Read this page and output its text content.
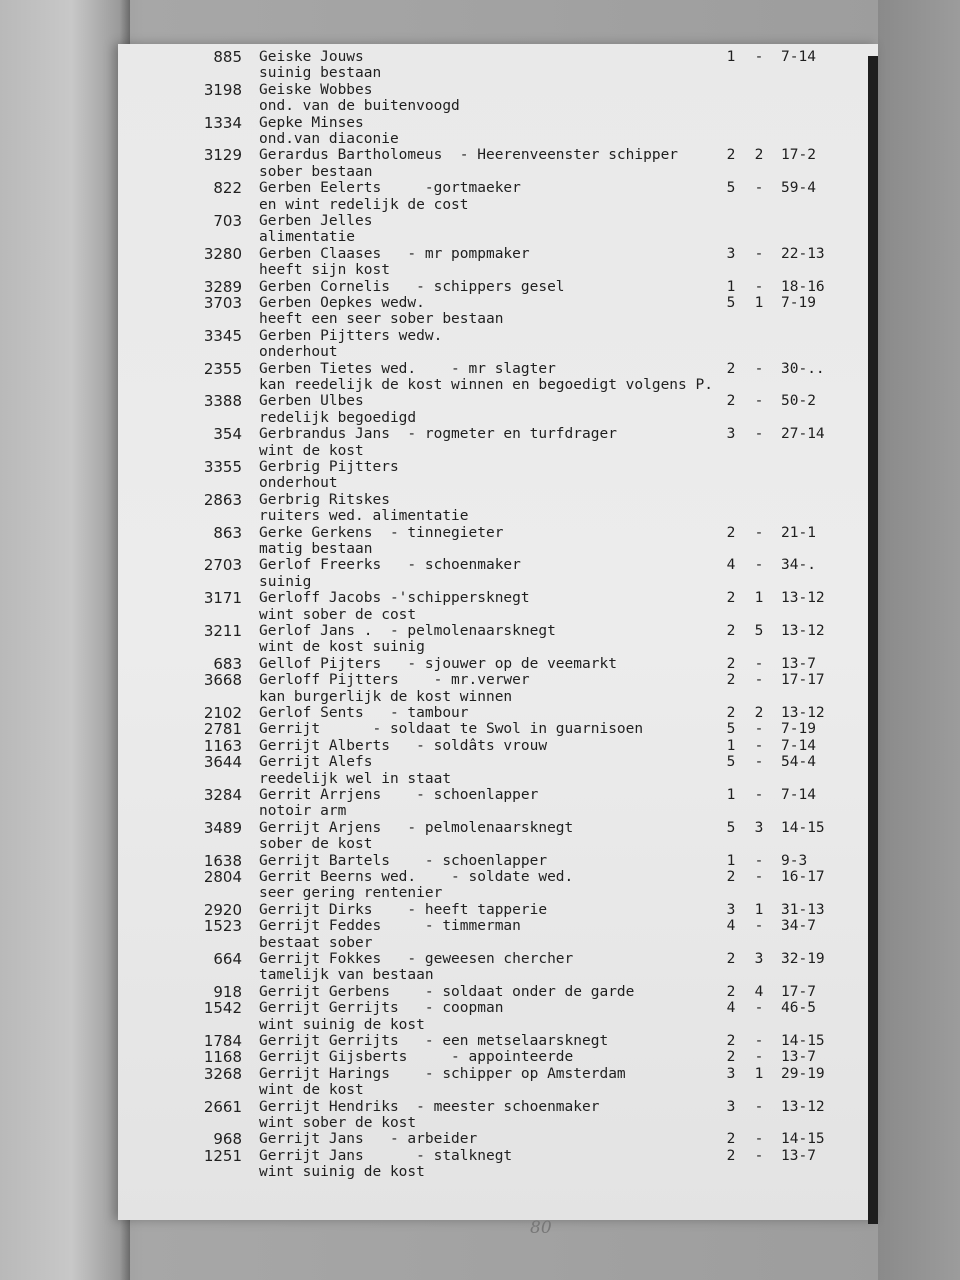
885 Geiske Jouws	1 - 7-14
suinig bestaan
3198 Geiske Wobbes
ond. van de buitenvoogd
1334 Gepke Minses
ond.van diaconie
3129 Gerardus Bartholomeus  - Heerenveenster schipper	2 2 17-2
sober bestaan
822 Gerben Eelerts     -gortmaeker	5 - 59-4
en wint redelijk de cost
703 Gerben Jelles
alimentatie
3280 Gerben Claases   - mr pompmaker	3 - 22-13
heeft sijn kost
3289 Gerben Cornelis   - schippers gesel	1 - 18-16
3703 Gerben Oepkes wedw.	5 1 7-19
heeft een seer sober bestaan
3345 Gerben Pijtters wedw.
onderhout
2355 Gerben Tietes wed.    - mr slagter	2 - 30-..
kan reedelijk de kost winnen en begoedigt volgens P.
3388 Gerben Ulbes	2 - 50-2
redelijk begoedigd
354 Gerbrandus Jans  - rogmeter en turfdrager	3 - 27-14
wint de kost
3355 Gerbrig Pijtters
onderhout
2863 Gerbrig Ritskes
ruiters wed. alimentatie
863 Gerke Gerkens  - tinnegieter	2 - 21-1
matig bestaan
2703 Gerlof Freerks   - schoenmaker	4 - 34-.
suinig
3171 Gerloff Jacobs -'schippersknegt	2 1 13-12
wint sober de cost
3211 Gerlof Jans .  - pelmolenaarsknegt	2 5 13-12
wint de kost suinig
683 Gellof Pijters   - sjouwer op de veemarkt	2 - 13-7
3668 Gerloff Pijtters    - mr.verwer	2 - 17-17
kan burgerlijk de kost winnen
2102 Gerlof Sents   - tambour	2 2 13-12
2781 Gerrijt      - soldaat te Swol in guarnisoen	5 - 7-19
1163 Gerrijt Alberts   - soldâts vrouw	1 - 7-14
3644 Gerrijt Alefs	5 - 54-4
reedelijk wel in staat
3284 Gerrit Arrjens    - schoenlapper	1 - 7-14
notoir arm
3489 Gerrijt Arjens   - pelmolenaarsknegt	5 3 14-15
sober de kost
1638 Gerrijt Bartels    - schoenlapper	1 - 9-3
2804 Gerrit Beerns wed.    - soldate wed.	2 - 16-17
seer gering rentenier
2920 Gerrijt Dirks    - heeft tapperie	3 1 31-13
1523 Gerrijt Feddes     - timmerman	4 - 34-7
bestaat sober
664 Gerrijt Fokkes   - geweesen chercher	2 3 32-19
tamelijk van bestaan
918 Gerrijt Gerbens    - soldaat onder de garde	2 4 17-7
1542 Gerrijt Gerrijts   - coopman	4 - 46-5
wint suinig de kost
1784 Gerrijt Gerrijts   - een metselaarsknegt	2 - 14-15
1168 Gerrijt Gijsberts     - appointeerde	2 - 13-7
3268 Gerrijt Harings    - schipper op Amsterdam	3 1 29-19
wint de kost
2661 Gerrijt Hendriks  - meester schoenmaker	3 - 13-12
wint sober de kost
968 Gerrijt Jans   - arbeider	2 - 14-15
1251 Gerrijt Jans      - stalknegt	2 - 13-7
wint suinig de kost
80
